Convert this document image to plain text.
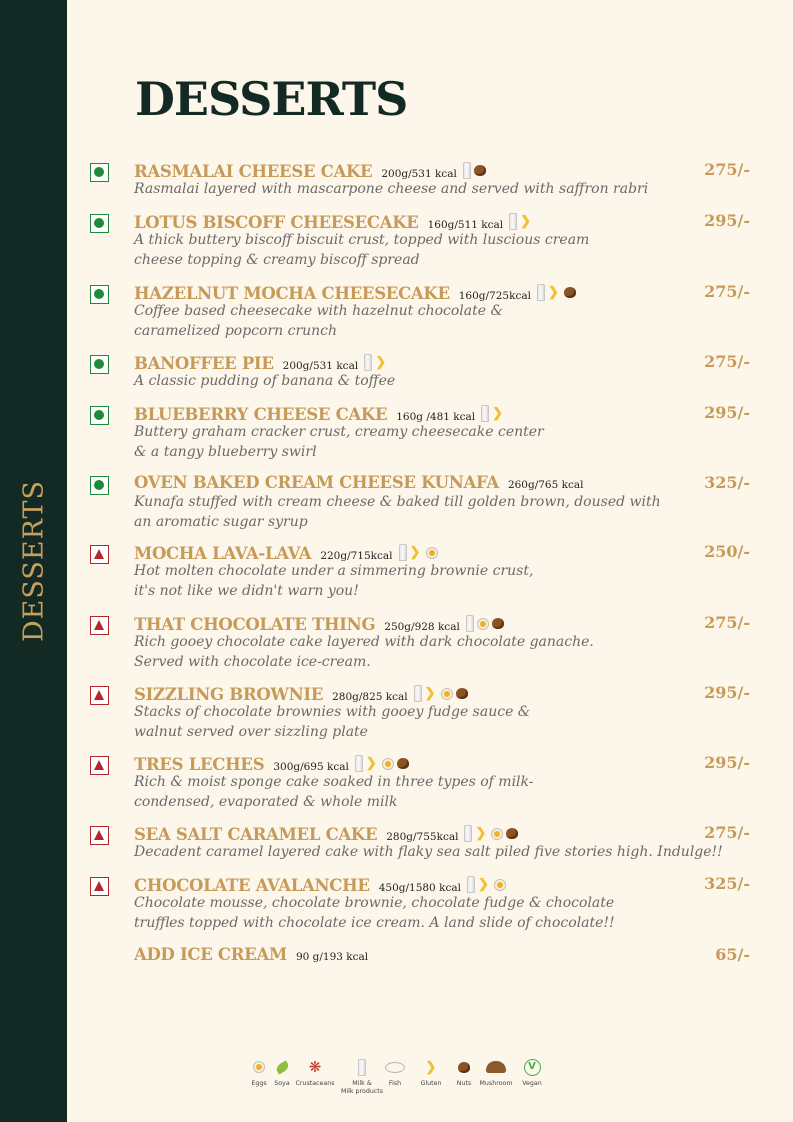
DESSERTS
DESSERTS
RASMALAI CHEESE CAKE 200g/531 kcal	275/-
Rasmalai layered with mascarpone cheese and served with saffron rabri
LOTUS BISCOFF CHEESECAKE 160g/511 kcal ❯	295/-
A thick buttery biscoff biscuit crust, topped with luscious cream
cheese topping & creamy biscoff spread
HAZELNUT MOCHA CHEESECAKE 160g/725kcal ❯	275/-
Coffee based cheesecake with hazelnut chocolate &
caramelized popcorn crunch
BANOFFEE PIE 200g/531 kcal ❯	275/-
A classic pudding of banana & toffee
BLUEBERRY CHEESE CAKE 160g /481 kcal ❯	295/-
Buttery graham cracker crust, creamy cheesecake center
& a tangy blueberry swirl
OVEN BAKED CREAM CHEESE KUNAFA 260g/765 kcal	325/-
Kunafa stuffed with cream cheese & baked till golden brown, doused with
an aromatic sugar syrup
MOCHA LAVA-LAVA 220g/715kcal ❯	250/-
Hot molten chocolate under a simmering brownie crust,
it's not like we didn't warn you!
THAT CHOCOLATE THING 250g/928 kcal	275/-
Rich gooey chocolate cake layered with dark chocolate ganache.
Served with chocolate ice-cream.
SIZZLING BROWNIE 280g/825 kcal ❯	295/-
Stacks of chocolate brownies with gooey fudge sauce &
walnut served over sizzling plate
TRES LECHES 300g/695 kcal ❯	295/-
Rich & moist sponge cake soaked in three types of milk-
condensed, evaporated & whole milk
SEA SALT CARAMEL CAKE 280g/755kcal ❯	275/-
Decadent caramel layered cake with flaky sea salt piled five stories high. Indulge!!
CHOCOLATE AVALANCHE 450g/1580 kcal ❯	325/-
Chocolate mousse, chocolate brownie, chocolate fudge & chocolate
truffles topped with chocolate ice cream. A land slide of chocolate!!
ADD ICE CREAM 90 g/193 kcal	65/-
Eggs	Soya
❋
Crustaceans	Milk &
Milk products
Fish
❯
Gluten	Nuts	Mushroom
V
Vegan
